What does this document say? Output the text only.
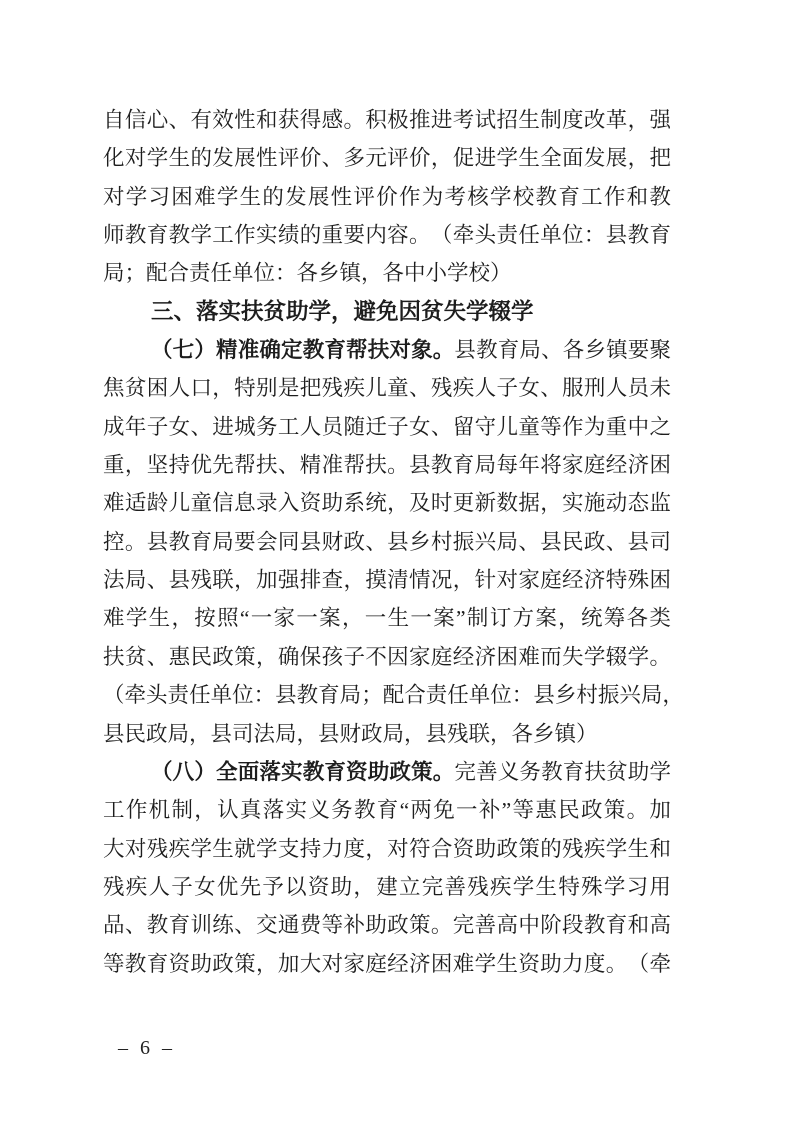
自 信 心 、 有 效 性 和 获 得 感 。 积 极 推 进 考 试 招 生 制 度 改 革 ， 强
化 对 学 生 的 发 展 性 评 价 、 多 元 评 价 ， 促 进 学 生 全 面 发 展 ， 把
对 学 习 困 难 学 生 的 发 展 性 评 价 作 为 考 核 学 校 教 育 工 作 和 教
师 教 育 教 学 工 作 实 绩 的 重 要 内 容 。 （ 牵 头 责 任 单 位 ： 县 教 育
局；配合责任单位：各乡镇，各中小学校）
三、落实扶贫助学，避免因贫失学辍学
（ 七 ） 精 准 确 定 教 育 帮 扶 对 象 。 县 教 育 局 、 各 乡 镇 要 聚
焦 贫 困 人 口 ， 特 别 是 把 残 疾 儿 童 、 残 疾 人 子 女 、 服 刑 人 员 未
成 年 子 女 、 进 城 务 工 人 员 随 迁 子 女 、 留 守 儿 童 等 作 为 重 中 之
重 ， 坚 持 优 先 帮 扶 、 精 准 帮 扶 。 县 教 育 局 每 年 将 家 庭 经 济 困
难 适 龄 儿 童 信 息 录 入 资 助 系 统 ， 及 时 更 新 数 据 ， 实 施 动 态 监
控 。 县 教 育 局 要 会 同 县 财 政 、 县 乡 村 振 兴 局 、 县 民 政 、 县 司
法 局 、 县 残 联 ， 加 强 排 查 ， 摸 清 情 况 ， 针 对 家 庭 经 济 特 殊 困
难 学 生 ， 按 照 “ 一 家 一 案 ， 一 生 一 案 ” 制 订 方 案 ， 统 筹 各 类
扶 贫 、 惠 民 政 策 ， 确 保 孩 子 不 因 家 庭 经 济 困 难 而 失 学 辍 学 。
（ 牵 头 责 任 单 位 ： 县 教 育 局 ； 配 合 责 任 单 位 ： 县 乡 村 振 兴 局 ，
县民政局，县司法局，县财政局，县残联，各乡镇）
（ 八 ） 全 面 落 实 教 育 资 助 政 策 。 完 善 义 务 教 育 扶 贫 助 学
工 作 机 制 ， 认 真 落 实 义 务 教 育 “ 两 免 一 补 ” 等 惠 民 政 策 。 加
大 对 残 疾 学 生 就 学 支 持 力 度 ， 对 符 合 资 助 政 策 的 残 疾 学 生 和
残 疾 人 子 女 优 先 予 以 资 助 ， 建 立 完 善 残 疾 学 生 特 殊 学 习 用
品 、 教 育 训 练 、 交 通 费 等 补 助 政 策 。 完 善 高 中 阶 段 教 育 和 高
等 教 育 资 助 政 策 ， 加 大 对 家 庭 经 济 困 难 学 生 资 助 力 度 。 （ 牵
– 6 –
